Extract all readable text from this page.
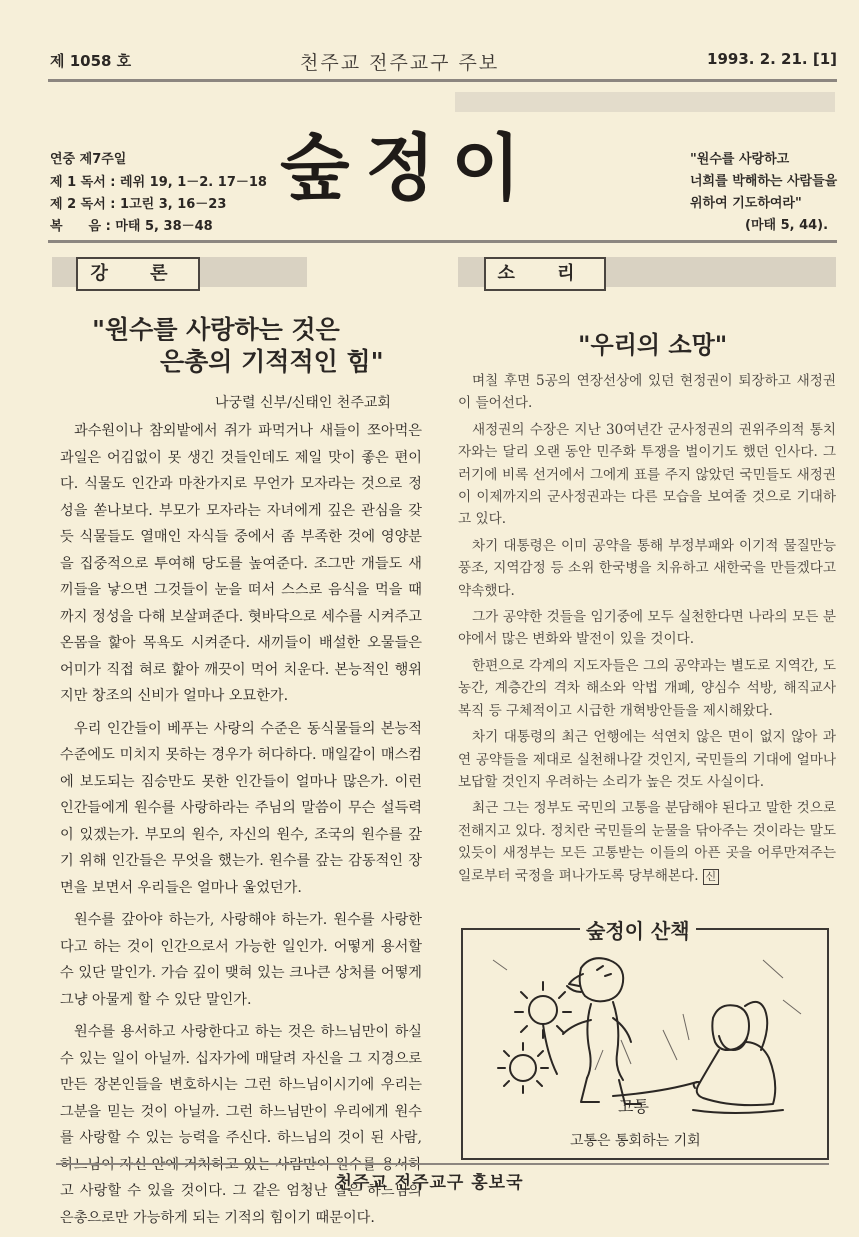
제 1058 호	천주교 전주교구 주보	1993. 2. 21. [1]
연중 제7주일
제 1 독서 : 레위 19, 1－2. 17－18
제 2 독서 : 1고린 3, 16－23
복　　음 : 마태 5, 38－48
숲정이	"원수를 사랑하고
너희를 박해하는 사람들을
위하여 기도하여라"
(마태 5, 44).
강 론
"원수를 사랑하는 것은
은총의 기적적인 힘"
나궁렬 신부/신태인 천주교회

과수원이나 참외밭에서 쥐가 파먹거나 새들이 쪼아먹은 과일은 어김없이 못 생긴 것들인데도 제일 맛이 좋은 편이다. 식물도 인간과 마찬가지로 무언가 모자라는 것으로 정성을 쏟나보다. 부모가 모자라는 자녀에게 깊은 관심을 갖듯 식물들도 열매인 자식들 중에서 좀 부족한 것에 영양분을 집중적으로 투여해 당도를 높여준다. 조그만 개들도 새끼들을 낳으면 그것들이 눈을 떠서 스스로 음식을 먹을 때까지 정성을 다해 보살펴준다. 혓바닥으로 세수를 시켜주고 온몸을 핥아 목욕도 시켜준다. 새끼들이 배설한 오물들은 어미가 직접 혀로 핥아 깨끗이 먹어 치운다. 본능적인 행위지만 창조의 신비가 얼마나 오묘한가.

우리 인간들이 베푸는 사랑의 수준은 동식물들의 본능적 수준에도 미치지 못하는 경우가 허다하다. 매일같이 매스컴에 보도되는 짐승만도 못한 인간들이 얼마나 많은가. 이런 인간들에게 원수를 사랑하라는 주님의 말씀이 무슨 설득력이 있겠는가. 부모의 원수, 자신의 원수, 조국의 원수를 갚기 위해 인간들은 무엇을 했는가. 원수를 갚는 감동적인 장면을 보면서 우리들은 얼마나 울었던가.

원수를 갚아야 하는가, 사랑해야 하는가. 원수를 사랑한다고 하는 것이 인간으로서 가능한 일인가. 어떻게 용서할 수 있단 말인가. 가슴 깊이 맺혀 있는 크나큰 상처를 어떻게 그냥 아물게 할 수 있단 말인가.

원수를 용서하고 사랑한다고 하는 것은 하느님만이 하실 수 있는 일이 아닐까. 십자가에 매달려 자신을 그 지경으로 만든 장본인들을 변호하시는 그런 하느님이시기에 우리는 그분을 믿는 것이 아닐까. 그런 하느님만이 우리에게 원수를 사랑할 수 있는 능력을 주신다. 하느님의 것이 된 사람, 고 사랑할 수 있을 것이다. 그 같은 엄청난 일은 하느님의 은총으로만 가능하게 되는 기적의 힘이기 때문이다.

소 리
"우리의 소망"

며칠 후면 5공의 연장선상에 있던 현정권이 퇴장하고 새정권이 들어선다.

새정권의 수장은 지난 30여년간 군사정권의 권위주의적 통치자와는 달리 오랜 동안 민주화 투쟁을 벌이기도 했던 인사다. 그러기에 비록 선거에서 그에게 표를 주지 않았던 국민들도 새정권이 이제까지의 군사정권과는 다른 모습을 보여줄 것으로 기대하고 있다.

차기 대통령은 이미 공약을 통해 부정부패와 이기적 물질만능 풍조, 지역감정 등 소위 한국병을 치유하고 새한국을 만들겠다고 약속했다.

그가 공약한 것들을 임기중에 모두 실천한다면 나라의 모든 분야에서 많은 변화와 발전이 있을 것이다.

한편으로 각계의 지도자들은 그의 공약과는 별도로 지역간, 도농간, 계층간의 격차 해소와 악법 개폐, 양심수 석방, 해직교사 복직 등 구체적이고 시급한 개혁방안들을 제시해왔다.

차기 대통령의 최근 언행에는 석연치 않은 면이 없지 않아 과연 공약들을 제대로 실천해나갈 것인지, 국민들의 기대에 얼마나 보답할 것인지 우려하는 소리가 높은 것도 사실이다.

최근 그는 정부도 국민의 고통을 분담해야 된다고 말한 것으로 전해지고 있다. 정치란 국민들의 눈물을 닦아주는 것이라는 말도 있듯이 새정부는 모든 고통받는 이들의 아픈 곳을 어루만져주는 일로부터 국정을 펴나가도록 당부해본다. 신

숲정이 산책
고통
고통은 통회하는 기회
천주교 전주교구 홍보국
